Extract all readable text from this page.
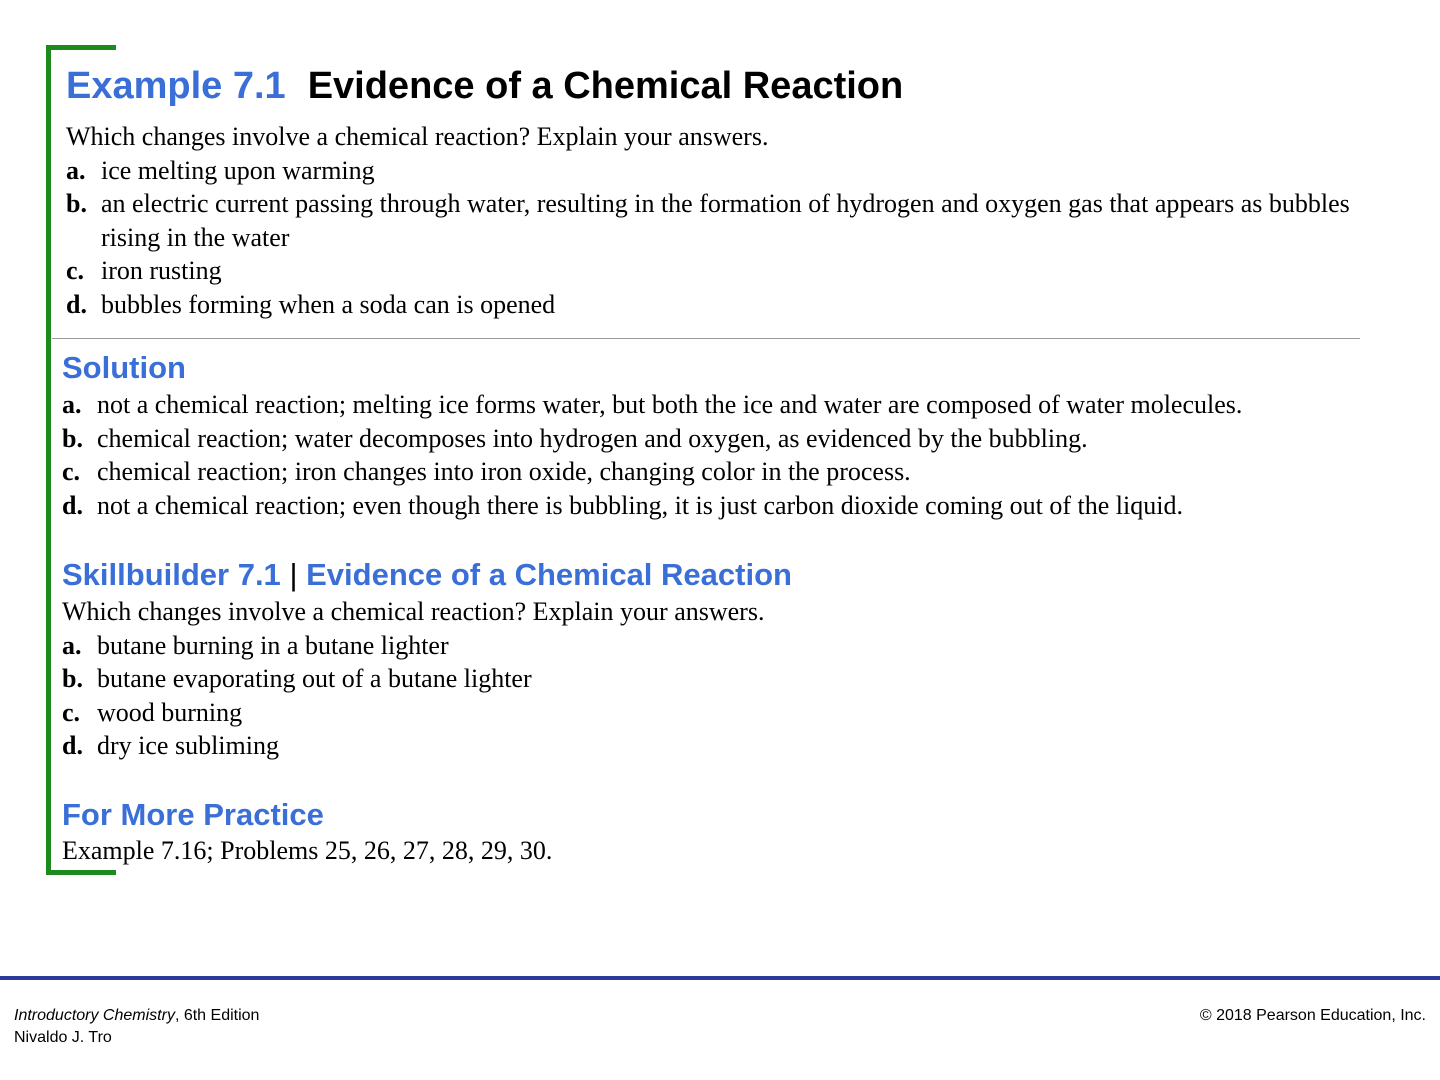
Example 7.1 Evidence of a Chemical Reaction
Which changes involve a chemical reaction? Explain your answers.
a. ice melting upon warming
b. an electric current passing through water, resulting in the formation of hydrogen and oxygen gas that appears as bubbles rising in the water
c. iron rusting
d. bubbles forming when a soda can is opened
Solution
a. not a chemical reaction; melting ice forms water, but both the ice and water are composed of water molecules.
b. chemical reaction; water decomposes into hydrogen and oxygen, as evidenced by the bubbling.
c. chemical reaction; iron changes into iron oxide, changing color in the process.
d. not a chemical reaction; even though there is bubbling, it is just carbon dioxide coming out of the liquid.
Skillbuilder 7.1 | Evidence of a Chemical Reaction
Which changes involve a chemical reaction? Explain your answers.
a. butane burning in a butane lighter
b. butane evaporating out of a butane lighter
c. wood burning
d. dry ice subliming
For More Practice
Example 7.16; Problems 25, 26, 27, 28, 29, 30.
Introductory Chemistry, 6th Edition
Nivaldo J. Tro
© 2018 Pearson Education, Inc.
